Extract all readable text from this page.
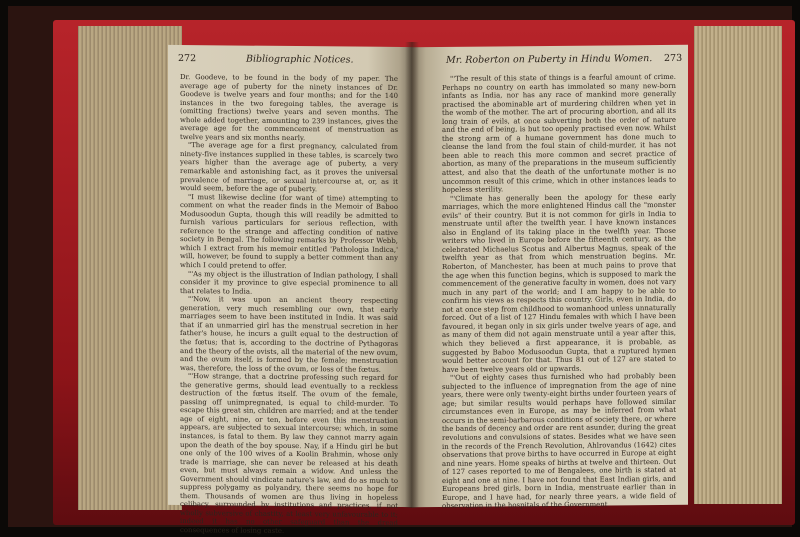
272	Bibliographic Notices.

Dr. Goodeve, to be found in the body of my paper. The average age of puberty for the ninety instances of Dr. Goodeve is twelve years and four months; and for the 140 instances in the two foregoing tables, the average is (omitting fractions) twelve years and seven months. The whole added together, amounting to 239 instances, gives the average age for the commencement of menstruation as twelve years and six months nearly.

"The average age for a first pregnancy, calculated from ninety-five instances supplied in these tables, is scarcely two years higher than the average age of puberty, a very remarkable and astonishing fact, as it proves the universal prevalence of marriage, or sexual intercourse at, or, as it would seem, before the age of puberty.

"I must likewise decline (for want of time) attempting to comment on what the reader finds in the Memoir of Baboo Modusoodun Gupta, though this will readily be admitted to furnish various particulars for serious reflection, with reference to the strange and affecting condition of native society in Bengal. The following remarks by Professor Webb, which I extract from his memoir entitled 'Pathologia Indica,' will, however, be found to supply a better comment than any which I could pretend to offer.

"'As my object is the illustration of Indian pathology, I shall consider it my province to give especial prominence to all that relates to India.

"'Now, it was upon an ancient theory respecting generation, very much resembling our own, that early marriages seem to have been instituted in India. It was said that if an unmarried girl has the menstrual secretion in her father's house, he incurs a guilt equal to the destruction of the fœtus; that is, according to the doctrine of Pythagoras and the theory of the ovists, all the material of the new ovum, and the ovum itself, is formed by the female; menstruation was, therefore, the loss of the ovum, or loss of the fœtus.

"'How strange, that a doctrine professing such regard for the generative germs, should lead eventually to a reckless destruction of the fœtus itself. The ovum of the female, passing off unimpregnated, is equal to child-murder. To escape this great sin, children are married; and at the tender age of eight, nine, or ten, before even this menstruation appears, are subjected to sexual intercourse; which, in some instances, is fatal to them. By law they cannot marry again upon the death of the boy spouse. Nay, if a Hindu girl be but one only of the 100 wives of a Koolin Brahmin, whose only trade is marriage, she can never be released at his death even, but must always remain a widow. And unless the Government should vindicate nature's law, and do as much to suppress polygamy as polyandry, there seems no hope for them. Thousands of women are thus living in hopeless celibacy, surrounded by institutions and practices, if not wholly subversive of chastity, at least very unfavourable to it; indeed it has no other safeguard than the dread consequences of losing caste.

Mr. Roberton on Puberty in Hindu Women. 273

"'The result of this state of things is a fearful amount of crime. Perhaps no country on earth has immolated so many new-born infants as India, nor has any race of mankind more generally practised the abominable art of murdering children when yet in the womb of the mother. The art of procuring abortion, and all its long train of evils, at once subverting both the order of nature and the end of being, is but too openly practised even now. Whilst the strong arm of a humane government has done much to cleanse the land from the foul stain of child-murder, it has not been able to reach this more common and secret practice of abortion, as many of the preparations in the museum sufficiently attest, and also that the death of the unfortunate mother is no uncommon result of this crime, which in other instances leads to hopeless sterility.

"'Climate has generally been the apology for these early marriages, which the more enlightened Hindus call the "monster evils" of their country. But it is not common for girls in India to menstruate until after the twelfth year. I have known instances also in England of its taking place in the twelfth year. Those writers who lived in Europe before the fifteenth century, as the celebrated Michaelus Scotus and Albertus Magnus, speak of the twelfth year as that from which menstruation begins. Mr. Roberton, of Manchester, has been at much pains to prove that the age when this function begins, which is supposed to mark the commencement of the generative faculty in women, does not vary much in any part of the world; and I am happy to be able to confirm his views as respects this country. Girls, even in India, do not at once step from childhood to womanhood unless unnaturally forced. Out of a list of 127 Hindu females with which I have been favoured, it began only in six girls under twelve years of age, and as many of them did not again menstruate until a year after this, which they believed a first appearance, it is probable, as suggested by Baboo Modusoodun Gupta, that a ruptured hymen would better account for that. Thus 81 out of 127 are stated to have been twelve years old or upwards.

"'Out of eighty cases thus furnished who had probably been subjected to the influence of impregnation from the age of nine years, there were only twenty-eight births under fourteen years of age; but similar results would perhaps have followed similar circumstances even in Europe, as may be inferred from what occurs in the semi-barbarous conditions of society there, or where the bands of decency and order are rent asunder, during the great revolutions and convulsions of states. Besides what we have seen in the records of the French Revolution, Ahlrovandus (1642) cites observations that prove births to have occurred in Europe at eight and nine years. Home speaks of births at twelve and thirteen. Out of 127 cases reported to me of Bengalees, one birth is stated at eight and one at nine. I have not found that East Indian girls, and Europeans bred girls, born in India, menstruate earlier than in Europe, and I have had, for nearly three years, a wide field of observation in the hospitals of the Government
